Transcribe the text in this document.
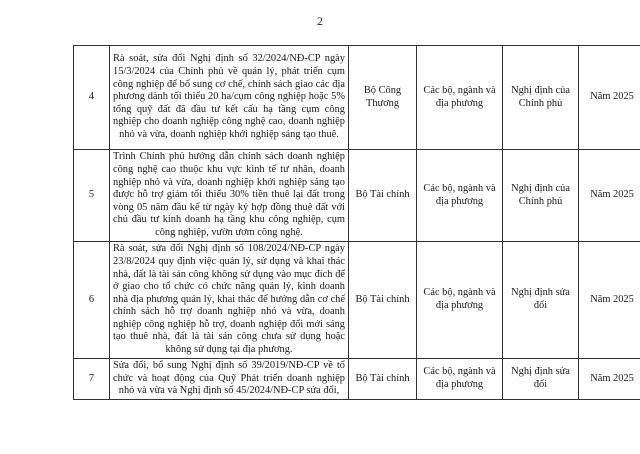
2
4	Rà soát, sửa đổi Nghị định số 32/2024/NĐ-CP ngày 15/3/2024 của Chính phủ về quản lý, phát triển cụm công nghiệp để bổ sung cơ chế, chính sách giao các địa phương dành tối thiểu 20 ha/cụm công nghiệp hoặc 5% tổng quỹ đất đã đầu tư kết cấu hạ tầng cụm công nghiệp cho doanh nghiệp công nghệ cao, doanh nghiệp nhỏ và vừa, doanh nghiệp khởi nghiệp sáng tạo thuê.	Bộ Công Thương	Các bộ, ngành và địa phương	Nghị định của Chính phủ	Năm 2025
5	Trình Chính phủ hướng dẫn chính sách doanh nghiệp công nghệ cao thuộc khu vực kinh tế tư nhân, doanh nghiệp nhỏ và vừa, doanh nghiệp khởi nghiệp sáng tạo được hỗ trợ giảm tối thiểu 30% tiền thuê lại đất trong vòng 05 năm đầu kể từ ngày ký hợp đồng thuê đất với chủ đầu tư kinh doanh hạ tầng khu công nghiệp, cụm công nghiệp, vườn ươm công nghệ.	Bộ Tài chính	Các bộ, ngành và địa phương	Nghị định của Chính phủ	Năm 2025
6	Rà soát, sửa đổi Nghị định số 108/2024/NĐ-CP ngày 23/8/2024 quy định việc quản lý, sử dụng và khai thác nhà, đất là tài sản công không sử dụng vào mục đích để ở giao cho tổ chức có chức năng quản lý, kinh doanh nhà địa phương quản lý, khai thác để hướng dẫn cơ chế chính sách hỗ trợ doanh nghiệp nhỏ và vừa, doanh nghiệp công nghiệp hỗ trợ, doanh nghiệp đổi mới sáng tạo thuê nhà, đất là tài sản công chưa sử dụng hoặc không sử dụng tại địa phương.	Bộ Tài chính	Các bộ, ngành và địa phương	Nghị định sửa đổi	Năm 2025
7	Sửa đổi, bổ sung Nghị định số 39/2019/NĐ-CP về tổ chức và hoạt động của Quỹ Phát triển doanh nghiệp nhỏ và vừa và Nghị định số 45/2024/NĐ-CP sửa đổi,	Bộ Tài chính	Các bộ, ngành và địa phương	Nghị định sửa đổi	Năm 2025
